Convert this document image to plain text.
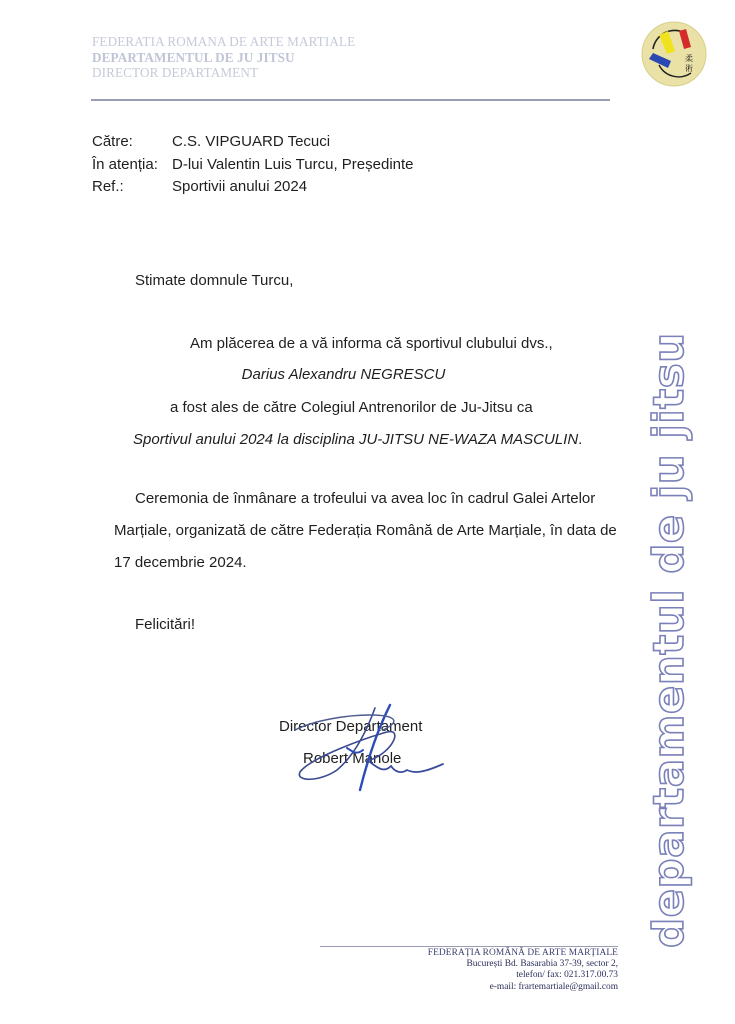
FEDERATIA ROMANA DE ARTE MARTIALE
DEPARTAMENTUL DE JU JITSU
DIRECTOR DEPARTAMENT
柔
術
Către:	C.S. VIPGUARD Tecuci
În atenția: D-lui Valentin Luis Turcu, Președinte
Ref.:	Sportivii anului 2024
Stimate domnule Turcu,
Am plăcerea de a vă informa că sportivul clubului dvs.,
Darius Alexandru NEGRESCU
a fost ales de către Colegiul Antrenorilor de Ju-Jitsu ca
Sportivul anului 2024 la disciplina JU-JITSU NE-WAZA MASCULIN.
Ceremonia de înmânare a trofeului va avea loc în cadrul Galei Artelor
Marțiale, organizată de către Federația Română de Arte Marțiale, în data de
17 decembrie 2024.
Felicitări!
Director Departament
Robert Manole
FEDERAȚIA ROMÂNĂ DE ARTE MARȚIALE
București Bd. Basarabia 37-39, sector 2,
telefon/ fax: 021.317.00.73
e-mail: frartemartiale@gmail.com
departamentul de ju jitsu
